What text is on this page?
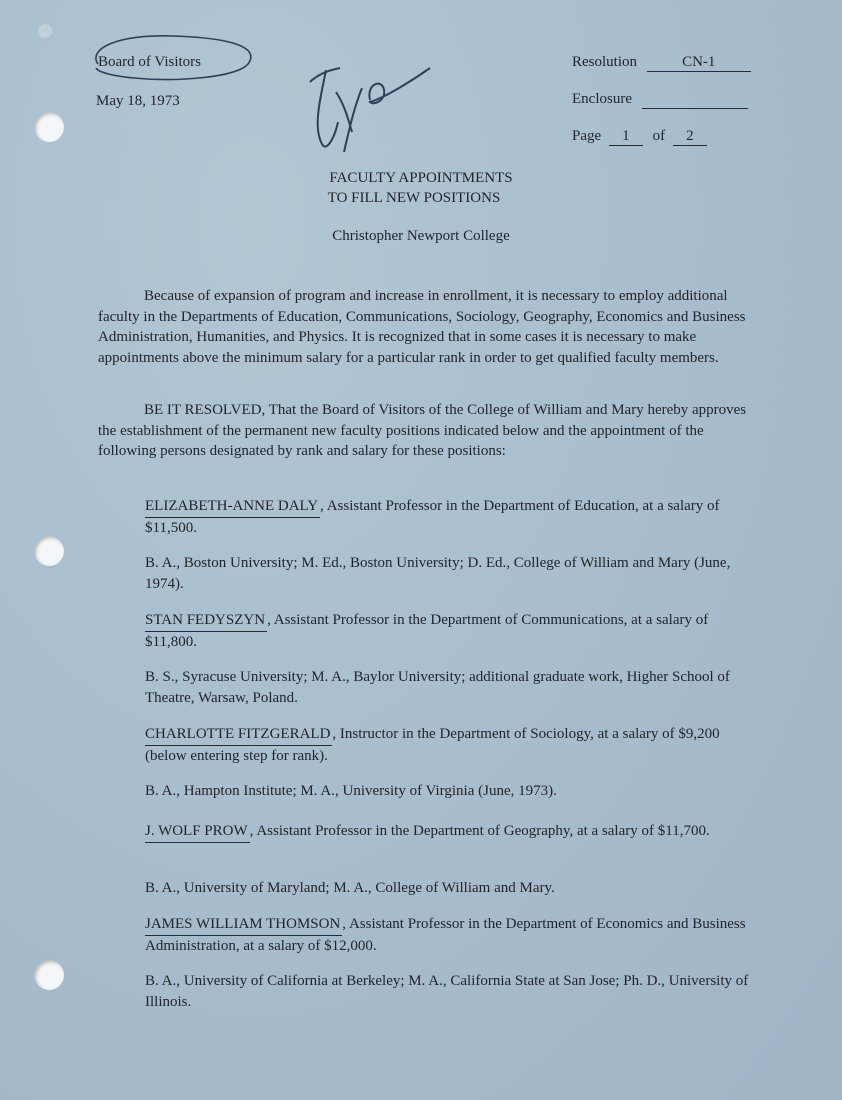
Board of Visitors
May 18, 1973
Resolution	CN-1
Enclosure
Page 1 of 2
FACULTY APPOINTMENTS
TO FILL NEW POSITIONS
Christopher Newport College
Because of expansion of program and increase in enrollment, it is necessary to employ additional faculty in the Departments of Education, Communications, Sociology, Geography, Economics and Business Administration, Humanities, and Physics. It is recognized that in some cases it is necessary to make appointments above the minimum salary for a particular rank in order to get qualified faculty members.
BE IT RESOLVED, That the Board of Visitors of the College of William and Mary hereby approves the establishment of the permanent new faculty positions indicated below and the appointment of the following persons designated by rank and salary for these positions:
ELIZABETH-ANNE DALY , Assistant Professor in the Department of Education, at a salary of $11,500.
B. A., Boston University; M. Ed., Boston University; D. Ed., College of William and Mary (June, 1974).
STAN FEDYSZYN , Assistant Professor in the Department of Communications, at a salary of $11,800.
B. S., Syracuse University; M. A., Baylor University; additional graduate work, Higher School of Theatre, Warsaw, Poland.
CHARLOTTE FITZGERALD , Instructor in the Department of Sociology, at a salary of $9,200 (below entering step for rank).
B. A., Hampton Institute; M. A., University of Virginia (June, 1973).
J. WOLF PROW , Assistant Professor in the Department of Geography, at a salary of $11,700.
B. A., University of Maryland; M. A., College of William and Mary.
JAMES WILLIAM THOMSON , Assistant Professor in the Department of Economics and Business Administration, at a salary of $12,000.
B. A., University of California at Berkeley; M. A., California State at San Jose; Ph. D., University of Illinois.
